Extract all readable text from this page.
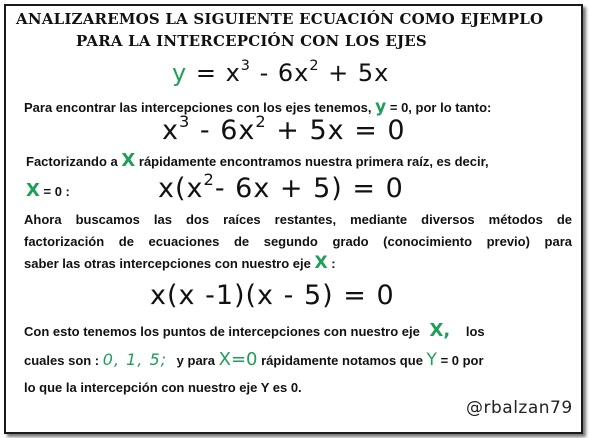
ANALIZAREMOS LA SIGUIENTE ECUACIÓN COMO EJEMPLO
PARA LA INTERCEPCIÓN CON LOS EJES
$y = x^3 - 6x^2 + 5x$
Para encontrar las intercepciones con los ejes tenemos, y = 0, por lo tanto:
$x^3 - 6x^2 + 5x = 0$
Factorizando a X rápidamente encontramos nuestra primera raíz, es decir,
X = 0 :	$x(x^2-$ 6x + 5) = 0
Ahora buscamos las dos raíces restantes, mediante diversos métodos de
factorización de ecuaciones de segundo grado (conocimiento previo) para
saber las otras intercepciones con nuestro eje X :
x(x -1)(x - 5) = 0
Con esto tenemos los puntos de intercepciones con nuestro eje X, los
cuales son : 0, 1, 5; y para X=0 rápidamente notamos que Y = 0 por
lo que la intercepción con nuestro eje Y es 0.
@rbalzan79
